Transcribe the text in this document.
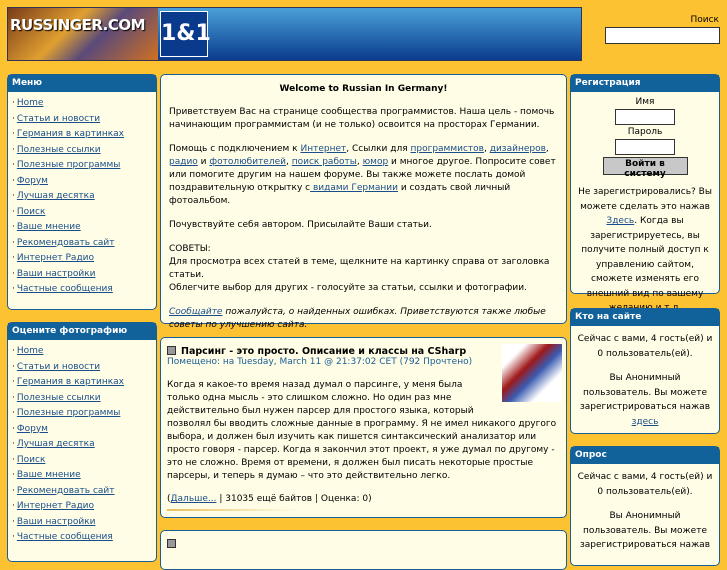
RUSSINGER.COM 1&1
Поиск
Меню
· Home
· Статьи и новости
· Германия в картинках
· Полезные ссылки
· Полезные программы
· Форум
· Лучшая десятка
· Поиск
· Ваше мнение
· Рекомендовать сайт
· Интернет Радио
· Ваши настройки
· Частные сообщения
Оцените фотографию
· Home
· Статьи и новости
· Германия в картинках
· Полезные ссылки
· Полезные программы
· Форум
· Лучшая десятка
· Поиск
· Ваше мнение
· Рекомендовать сайт
· Интернет Радио
· Ваши настройки
· Частные сообщения

Welcome to Russian In Germany!

Приветствуем Вас на странице сообщества программистов. Наша цель - помочь начинающим программистам (и не только) освоится на просторах Германии.

Помощь с подключением к Интернет, Ссылки для программистов, дизайнеров, радио и фотолюбителей, поиск работы, юмор и многое другое. Попросите совет или помогите другим на нашем форуме. Вы также можете послать домой поздравительную открытку с видами Германии и создать свой личный фотоальбом.

Почувствуйте себя автором. Присылайте Ваши статьи.

СОВЕТЫ:
Для просмотра всех статей в теме, щелкните на картинку справа от заголовка статьи.
Облегчите выбор для других - голосуйте за статьи, ссылки и фотографии.

Сообщайте пожалуйста, о найденных ошибках. Приветствуются также любые советы по улучшению сайта.

Парсинг - это просто. Описание и классы на CSharp
Помещено: на Tuesday, March 11 @ 21:37:02 CET (792 Прочтено)

Когда я какое-то время назад думал о парсинге, у меня была только одна мысль - это слишком сложно. Но один раз мне действительно был нужен парсер для простого языка, который позволял бы вводить сложные данные в программу. Я не имел никакого другого выбора, и должен был изучить как пишется синтаксический анализатор или просто говоря - парсер. Когда я закончил этот проект, я уже думал по другому - это не сложно. Время от времени, я должен был писать некоторые простые парсеры, и теперь я думаю – что это действительно легко.

(Дальше... | 31035 ещё байтов | Оценка: 0)
Регистрация
Имя
Пароль
Войти в систему

Не зарегистрировались? Вы можете сделать это нажав Здесь. Когда вы зарегистрируетесь, вы получите полный доступ к управлению сайтом, сможете изменять его внешний вид по вашему

Кто на сайте

Сейчас с вами, 4 гость(ей) и 0 пользователь(ей).

Вы Анонимный пользователь. Вы можете зарегистрироваться нажав
здесь

Опрос

Сейчас с вами, 4 гость(ей) и 0 пользователь(ей).

Вы Анонимный пользователь. Вы можете зарегистрироваться нажав
